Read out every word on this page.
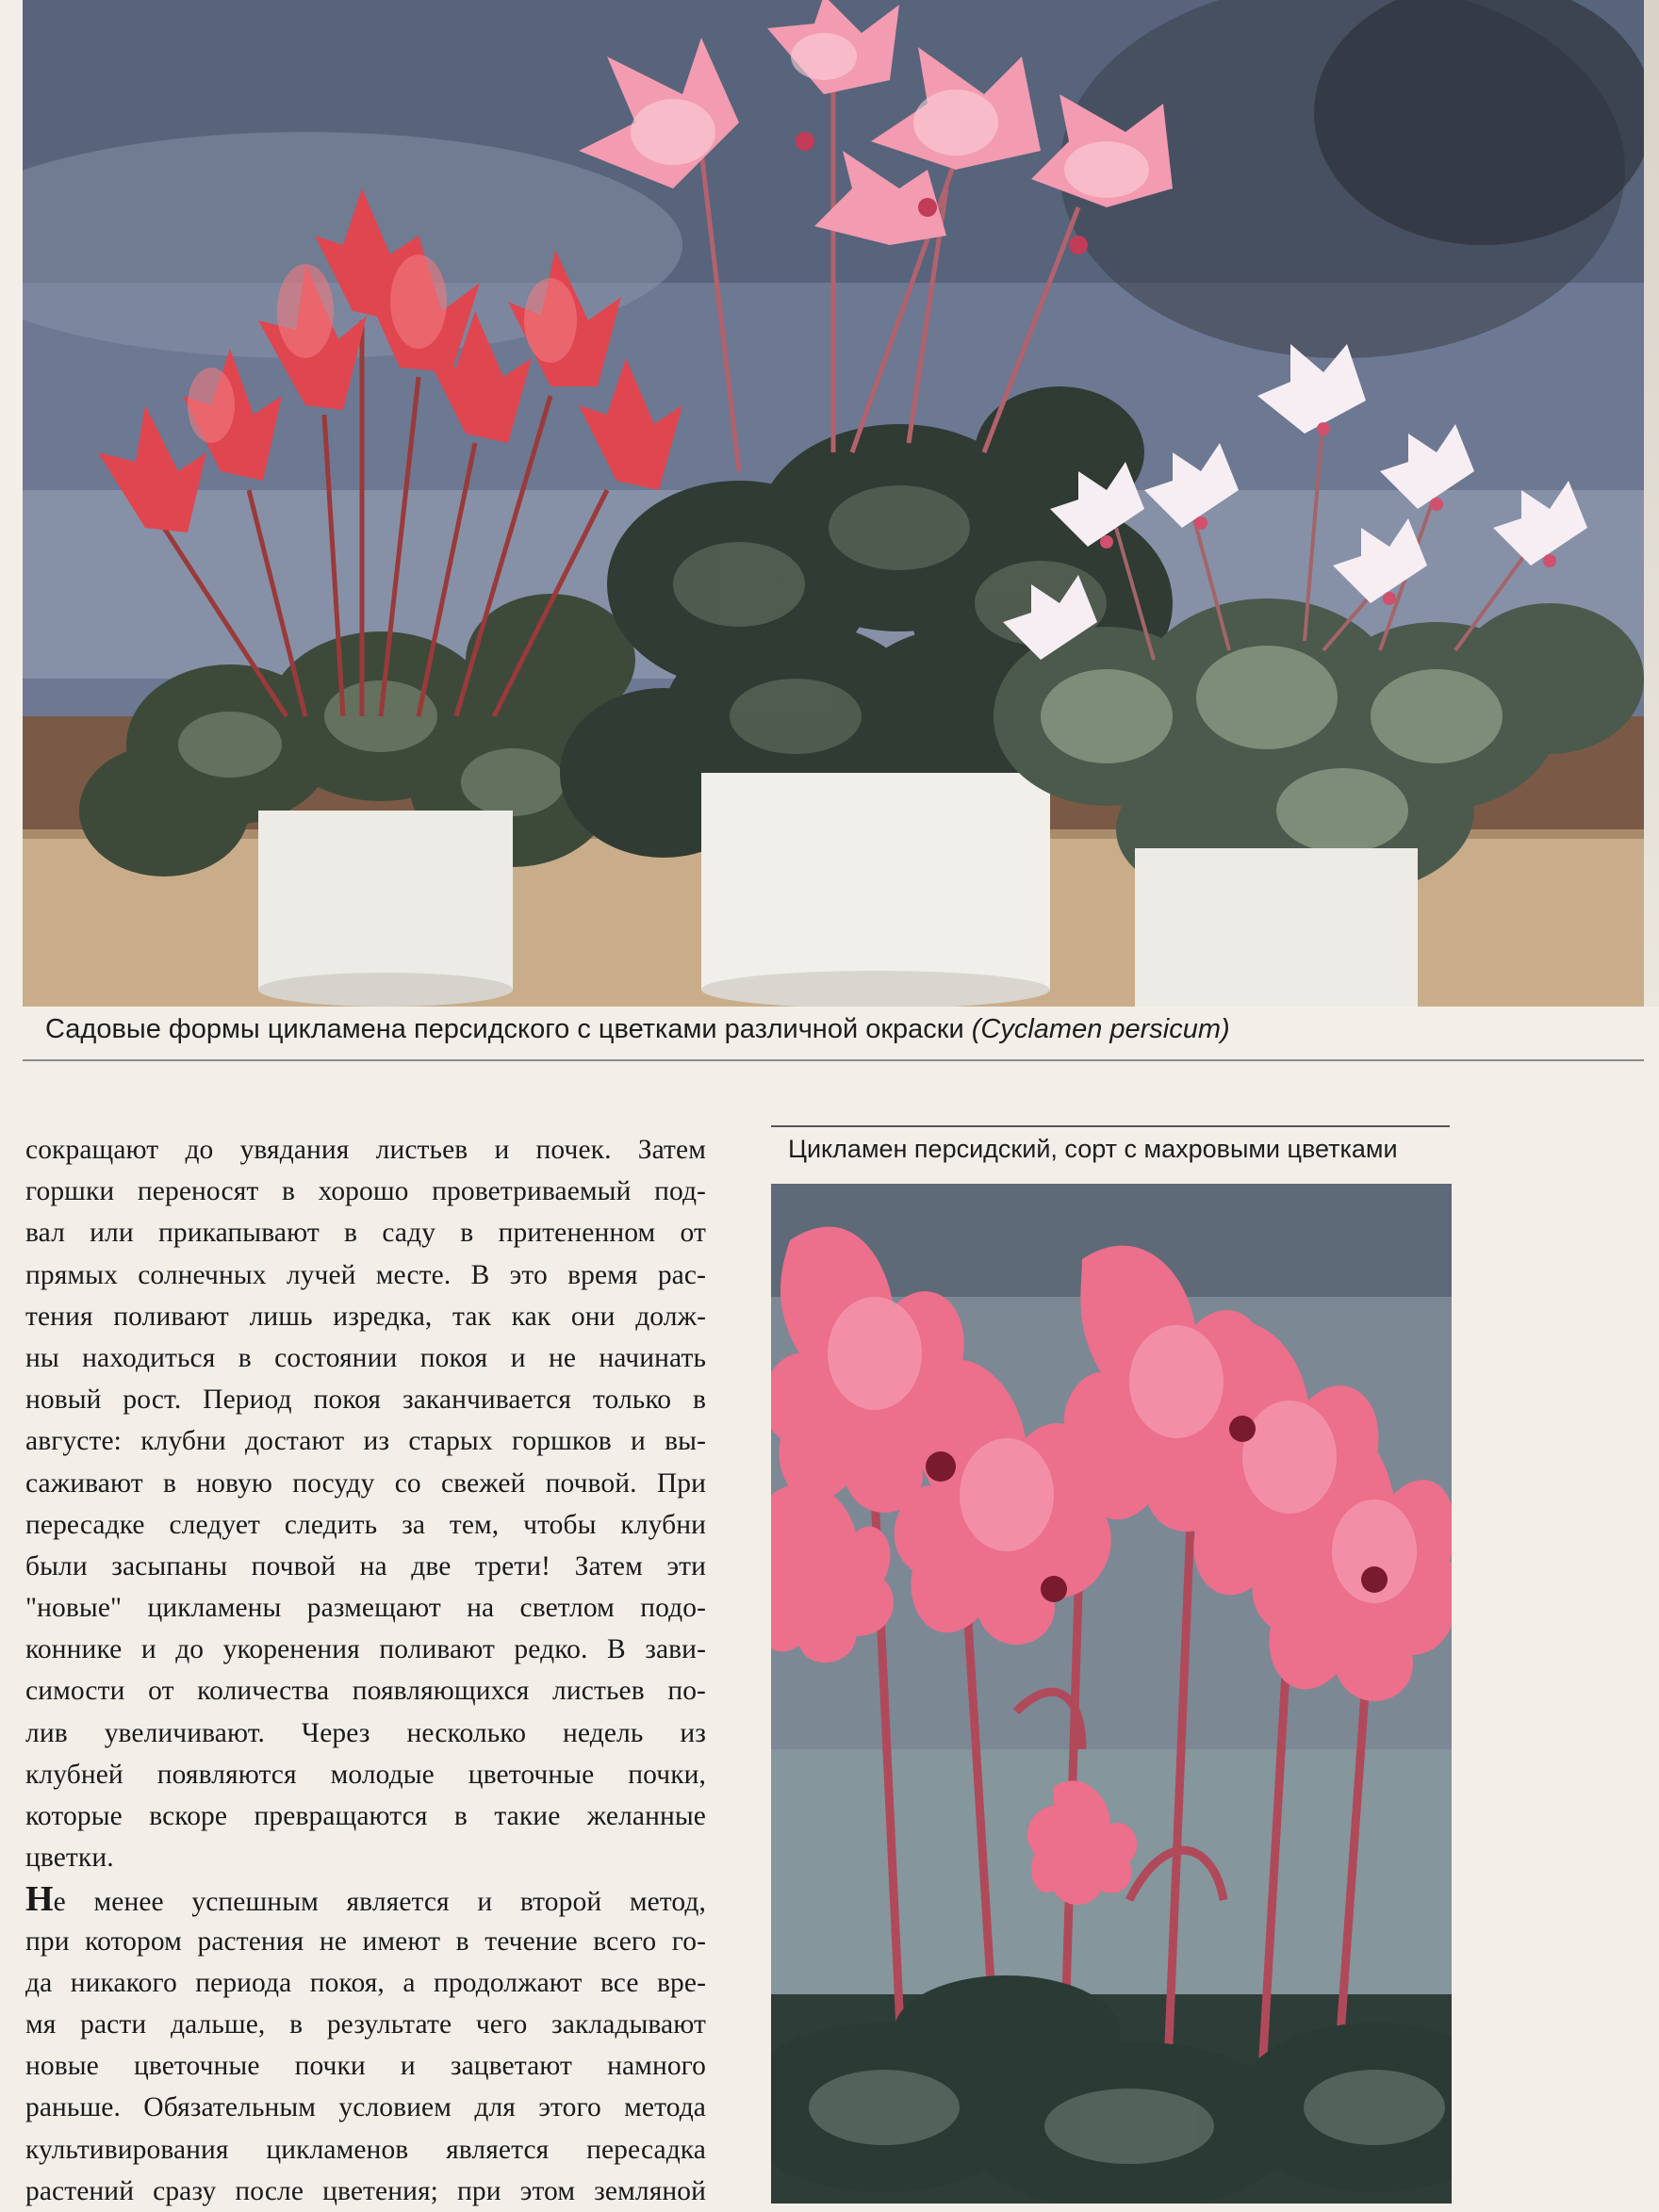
Садовые формы цикламена персидского с цветками различной окраски (Cyclamen persicum)
сокращают до увядания листьев и почек. Затем
горшки переносят в хорошо проветриваемый под-
вал или прикапывают в саду в притененном от
прямых солнечных лучей месте. В это время рас-
тения поливают лишь изредка, так как они долж-
ны находиться в состоянии покоя и не начинать
новый рост. Период покоя заканчивается только в
августе: клубни достают из старых горшков и вы-
саживают в новую посуду со свежей почвой. При
пересадке следует следить за тем, чтобы клубни
были засыпаны почвой на две трети! Затем эти
"новые" цикламены размещают на светлом подо-
коннике и до укоренения поливают редко. В зави-
симости от количества появляющихся листьев по-
лив увеличивают. Через несколько недель из
клубней появляются молодые цветочные почки,
которые вскоре превращаются в такие желанные
цветки.
Не менее успешным является и второй метод,
при котором растения не имеют в течение всего го-
да никакого периода покоя, а продолжают все вре-
мя расти дальше, в результате чего закладывают
новые цветочные почки и зацветают намного
раньше. Обязательным условием для этого метода
культивирования цикламенов является пересадка
растений сразу после цветения; при этом земляной
Цикламен персидский, сорт с махровыми цветками
